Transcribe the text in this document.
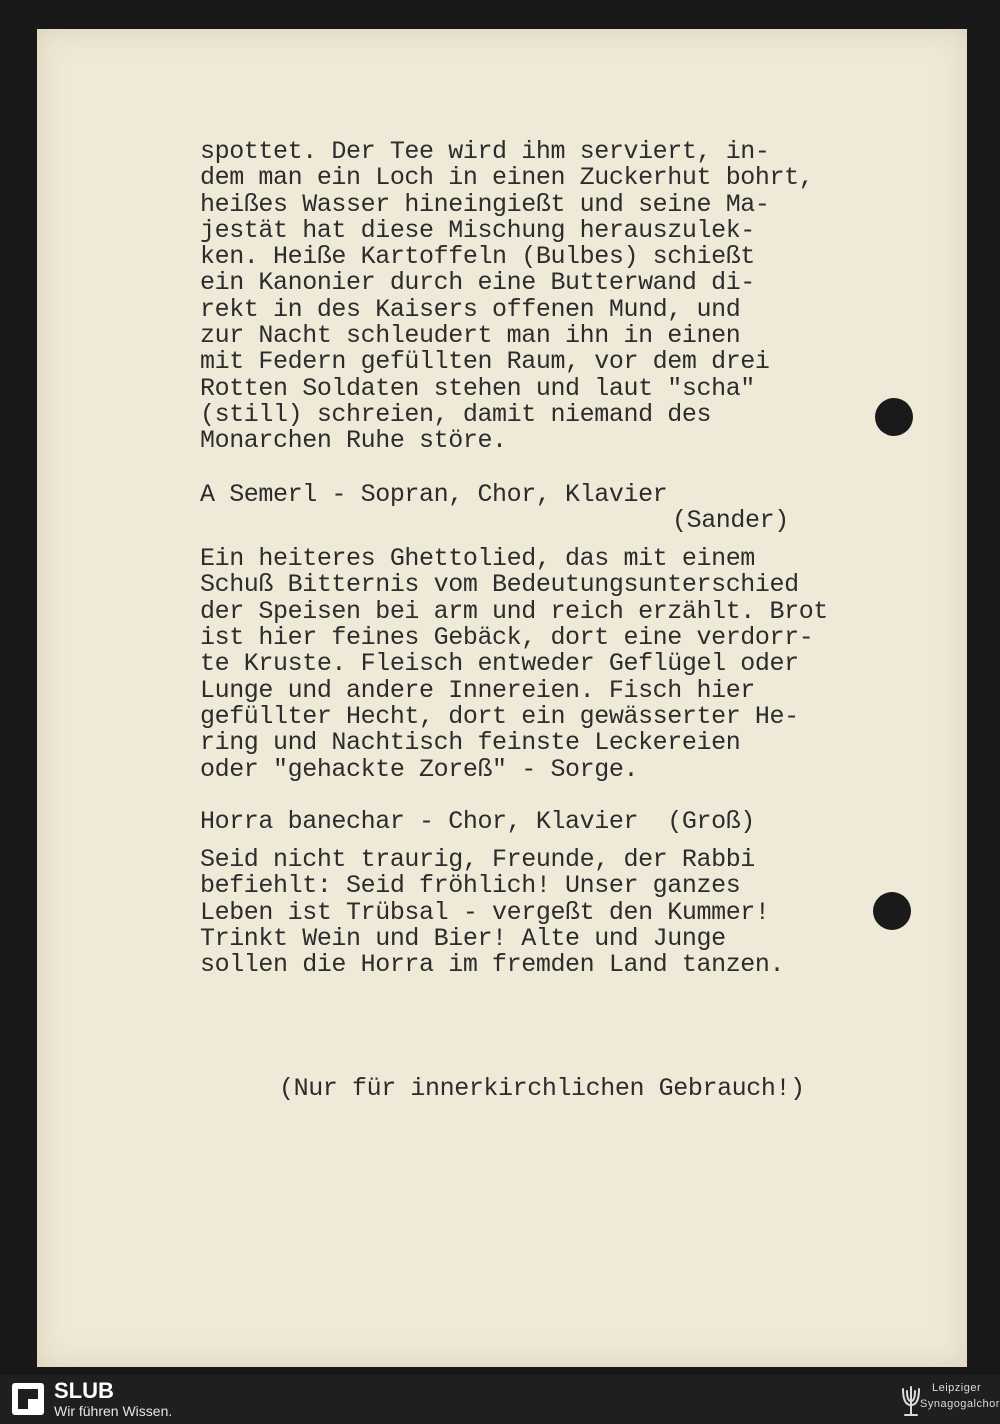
spottet. Der Tee wird ihm serviert, in-
dem man ein Loch in einen Zuckerhut bohrt,
heißes Wasser hineingießt und seine Ma-
jestät hat diese Mischung herauszulek-
ken. Heiße Kartoffeln (Bulbes) schießt
ein Kanonier durch eine Butterwand di-
rekt in des Kaisers offenen Mund, und
zur Nacht schleudert man ihn in einen
mit Federn gefüllten Raum, vor dem drei
Rotten Soldaten stehen und laut "scha"
(still) schreien, damit niemand des
Monarchen Ruhe störe.
A Semerl - Sopran, Chor, Klavier
(Sander)
Ein heiteres Ghettolied, das mit einem
Schuß Bitternis vom Bedeutungsunterschied
der Speisen bei arm und reich erzählt. Brot
ist hier feines Gebäck, dort eine verdorr-
te Kruste. Fleisch entweder Geflügel oder
Lunge und andere Innereien. Fisch hier
gefüllter Hecht, dort ein gewässerter He-
ring und Nachtisch feinste Leckereien
oder "gehackte Zoreß" - Sorge.
Horra banechar - Chor, Klavier (Groß)
Seid nicht traurig, Freunde, der Rabbi
befiehlt: Seid fröhlich! Unser ganzes
Leben ist Trübsal - vergeßt den Kummer!
Trinkt Wein und Bier! Alte und Junge
sollen die Horra im fremden Land tanzen.
(Nur für innerkirchlichen Gebrauch!)
SLUB
Wir führen Wissen.
Leipziger
Synagogalchor
